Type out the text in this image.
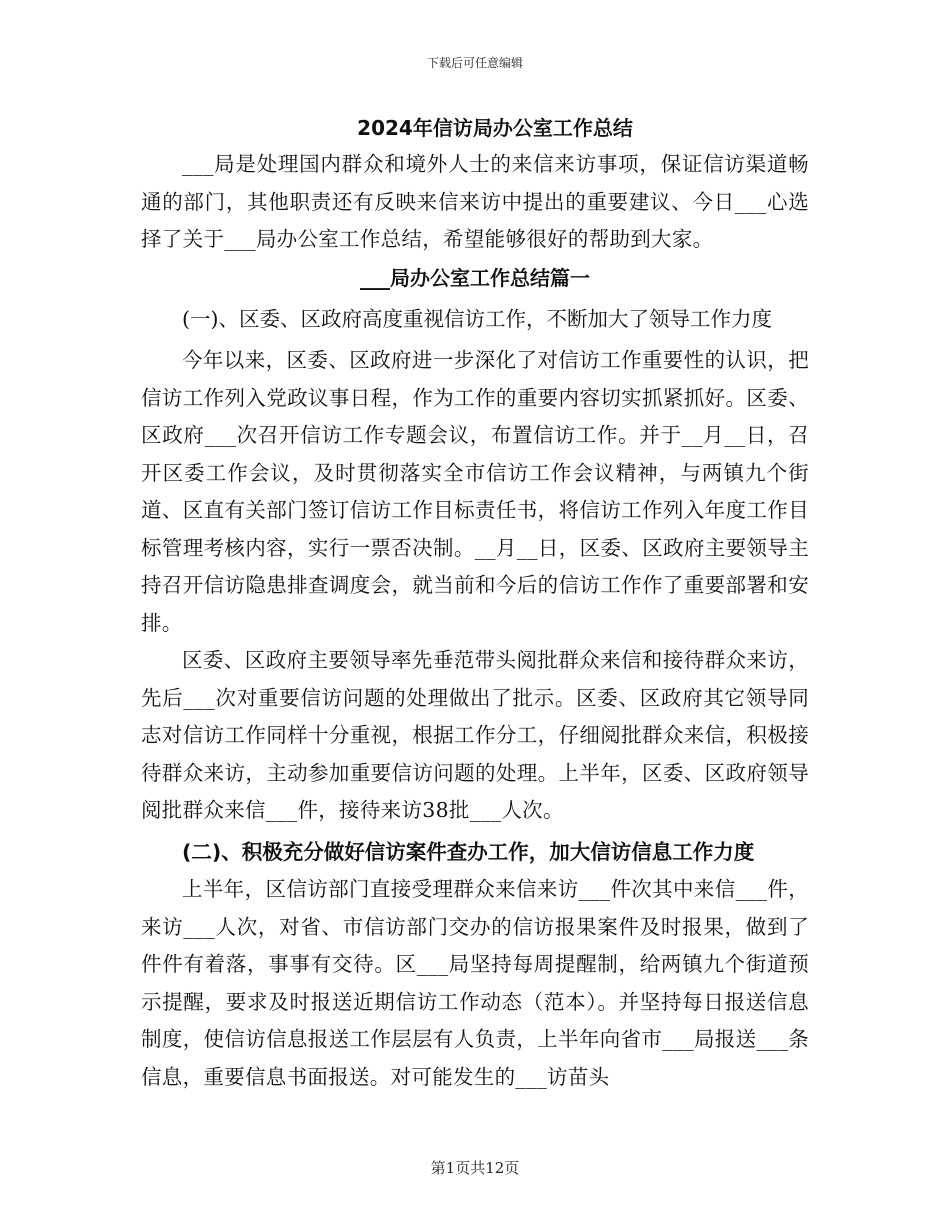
下载后可任意编辑

2024年信访局办公室工作总结

___局是处理国内群众和境外人士的来信来访事项，保证信访渠道畅通的部门，其他职责还有反映来信来访中提出的重要建议、今日___心选择了关于___局办公室工作总结，希望能够很好的帮助到大家。

___局办公室工作总结篇一

(一)、区委、区政府高度重视信访工作，不断加大了领导工作力度

今年以来，区委、区政府进一步深化了对信访工作重要性的认识，把信访工作列入党政议事日程，作为工作的重要内容切实抓紧抓好。区委、区政府___次召开信访工作专题会议，布置信访工作。并于__月__日，召开区委工作会议，及时贯彻落实全市信访工作会议精神，与两镇九个街道、区直有关部门签订信访工作目标责任书，将信访工作列入年度工作目标管理考核内容，实行一票否决制。__月__日，区委、区政府主要领导主持召开信访隐患排查调度会，就当前和今后的信访工作作了重要部署和安排。

区委、区政府主要领导率先垂范带头阅批群众来信和接待群众来访，先后___次对重要信访问题的处理做出了批示。区委、区政府其它领导同志对信访工作同样十分重视，根据工作分工，仔细阅批群众来信，积极接待群众来访，主动参加重要信访问题的处理。上半年，区委、区政府领导阅批群众来信___件，接待来访38批___人次。

(二)、积极充分做好信访案件查办工作，加大信访信息工作力度

上半年，区信访部门直接受理群众来信来访___件次其中来信___件，来访___人次，对省、市信访部门交办的信访报果案件及时报果，做到了件件有着落，事事有交待。区___局坚持每周提醒制，给两镇九个街道预示提醒，要求及时报送近期信访工作动态（范本）。并坚持每日报送信息制度，使信访信息报送工作层层有人负责，上半年向省市___局报送___条信息，重要信息书面报送。对可能发生的___访苗头

第1页共12页
